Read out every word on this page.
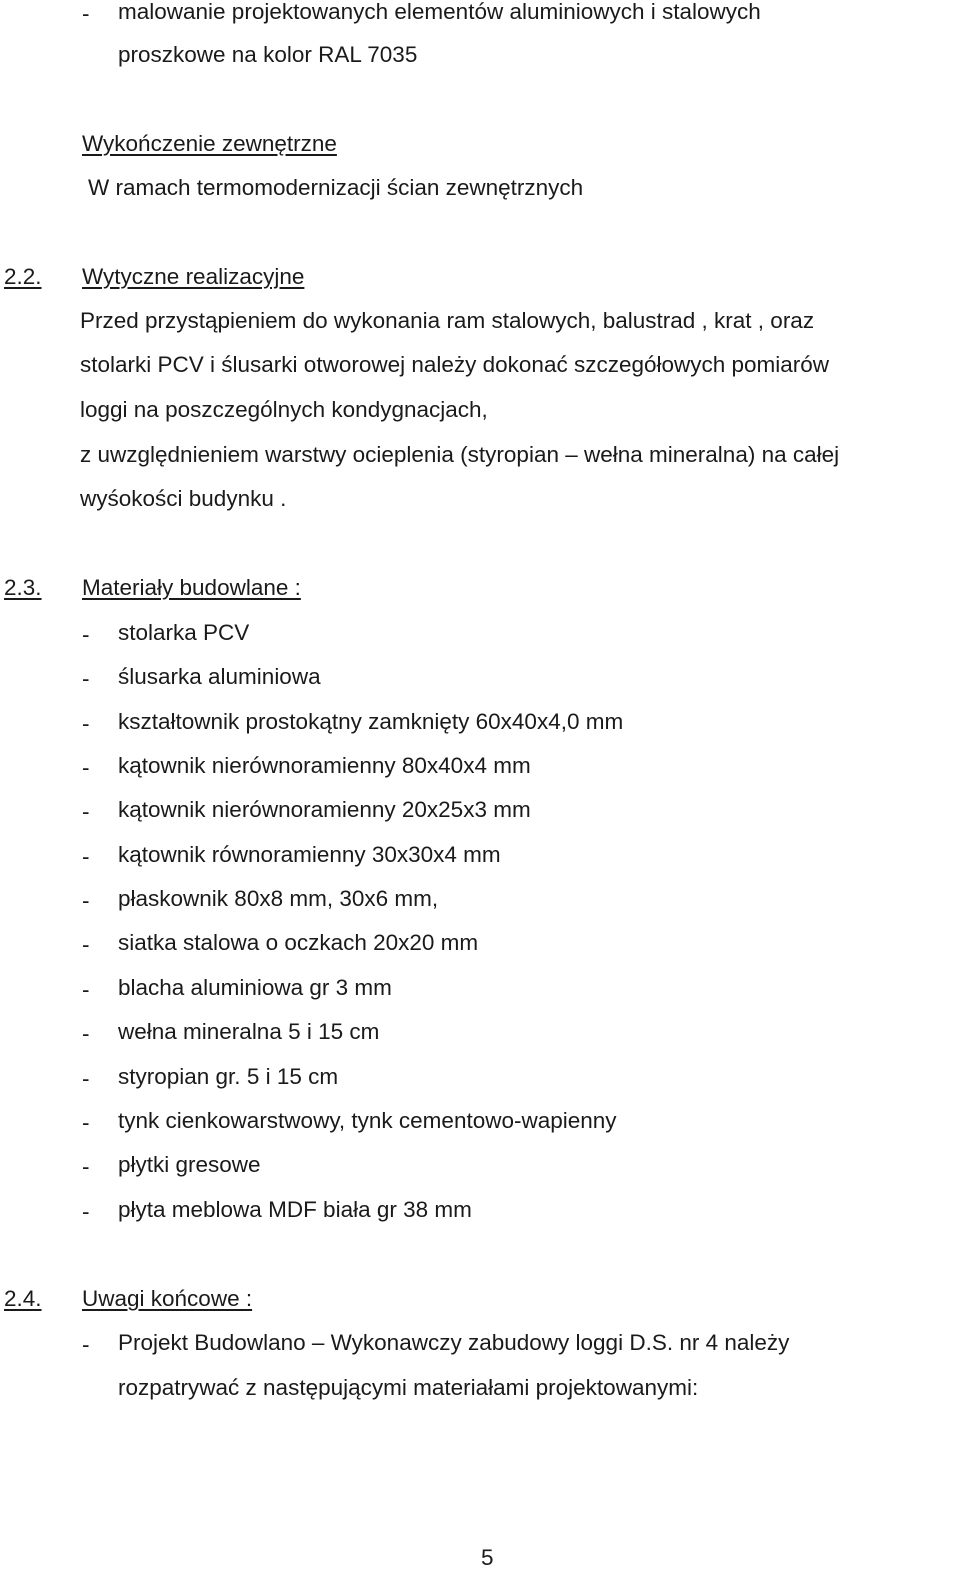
- malowanie projektowanych elementów aluminiowych i stalowych
proszkowe na kolor RAL 7035
Wykończenie zewnętrzne
W ramach termomodernizacji ścian zewnętrznych
2.2.	Wytyczne realizacyjne
Przed przystąpieniem do wykonania ram stalowych, balustrad , krat , oraz
stolarki PCV i ślusarki otworowej należy dokonać szczegółowych pomiarów
loggi na poszczególnych kondygnacjach,
z uwzględnieniem warstwy ocieplenia (styropian – wełna mineralna) na całej
wyśokości budynku .
2.3.	Materiały budowlane :
- stolarka PCV
- ślusarka aluminiowa
- kształtownik prostokątny zamknięty 60x40x4,0 mm
- kątownik nierównoramienny 80x40x4 mm
- kątownik nierównoramienny 20x25x3 mm
- kątownik równoramienny 30x30x4 mm
- płaskownik 80x8 mm, 30x6 mm,
- siatka stalowa o oczkach 20x20 mm
- blacha aluminiowa gr 3 mm
- wełna mineralna 5 i 15 cm
- styropian gr. 5 i 15 cm
- tynk cienkowarstwowy, tynk cementowo-wapienny
- płytki gresowe
- płyta meblowa MDF biała gr 38 mm
2.4.	Uwagi końcowe :
- Projekt Budowlano – Wykonawczy zabudowy loggi D.S. nr 4 należy
rozpatrywać z następującymi materiałami projektowanymi:
5
